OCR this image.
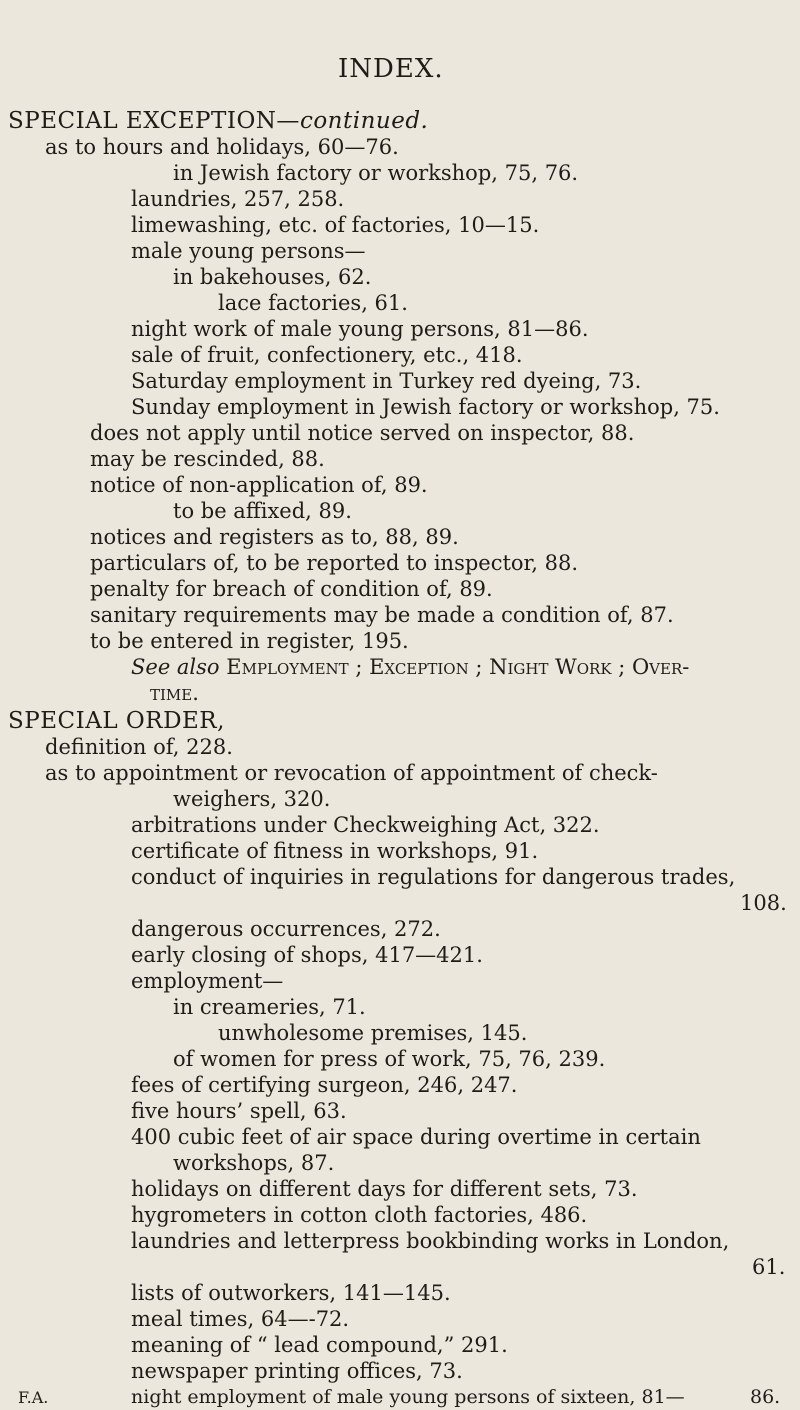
INDEX.
SPECIAL EXCEPTION—continued.
as to hours and holidays, 60—76.
in Jewish factory or workshop, 75, 76.
laundries, 257, 258.
limewashing, etc. of factories, 10—15.
male young persons—
in bakehouses, 62.
lace factories, 61.
night work of male young persons, 81—86.
sale of fruit, confectionery, etc., 418.
Saturday employment in Turkey red dyeing, 73.
Sunday employment in Jewish factory or workshop, 75.
does not apply until notice served on inspector, 88.
may be rescinded, 88.
notice of non-application of, 89.
to be affixed, 89.
notices and registers as to, 88, 89.
particulars of, to be reported to inspector, 88.
penalty for breach of condition of, 89.
sanitary requirements may be made a condition of, 87.
to be entered in register, 195.
See also Employment ; Exception ; Night Work ; Over-
time.
SPECIAL ORDER,
definition of, 228.
as to appointment or revocation of appointment of check-
weighers, 320.
arbitrations under Checkweighing Act, 322.
certificate of fitness in workshops, 91.
conduct of inquiries in regulations for dangerous trades,
108.
dangerous occurrences, 272.
early closing of shops, 417—421.
employment—
in creameries, 71.
unwholesome premises, 145.
of women for press of work, 75, 76, 239.
fees of certifying surgeon, 246, 247.
five hours’ spell, 63.
400 cubic feet of air space during overtime in certain
workshops, 87.
holidays on different days for different sets, 73.
hygrometers in cotton cloth factories, 486.
laundries and letterpress bookbinding works in London,
61.
lists of outworkers, 141—145.
meal times, 64—-72.
meaning of “ lead compound,” 291.
newspaper printing offices, 73.
night employment of male young persons of sixteen, 81—	86.
F.A.
